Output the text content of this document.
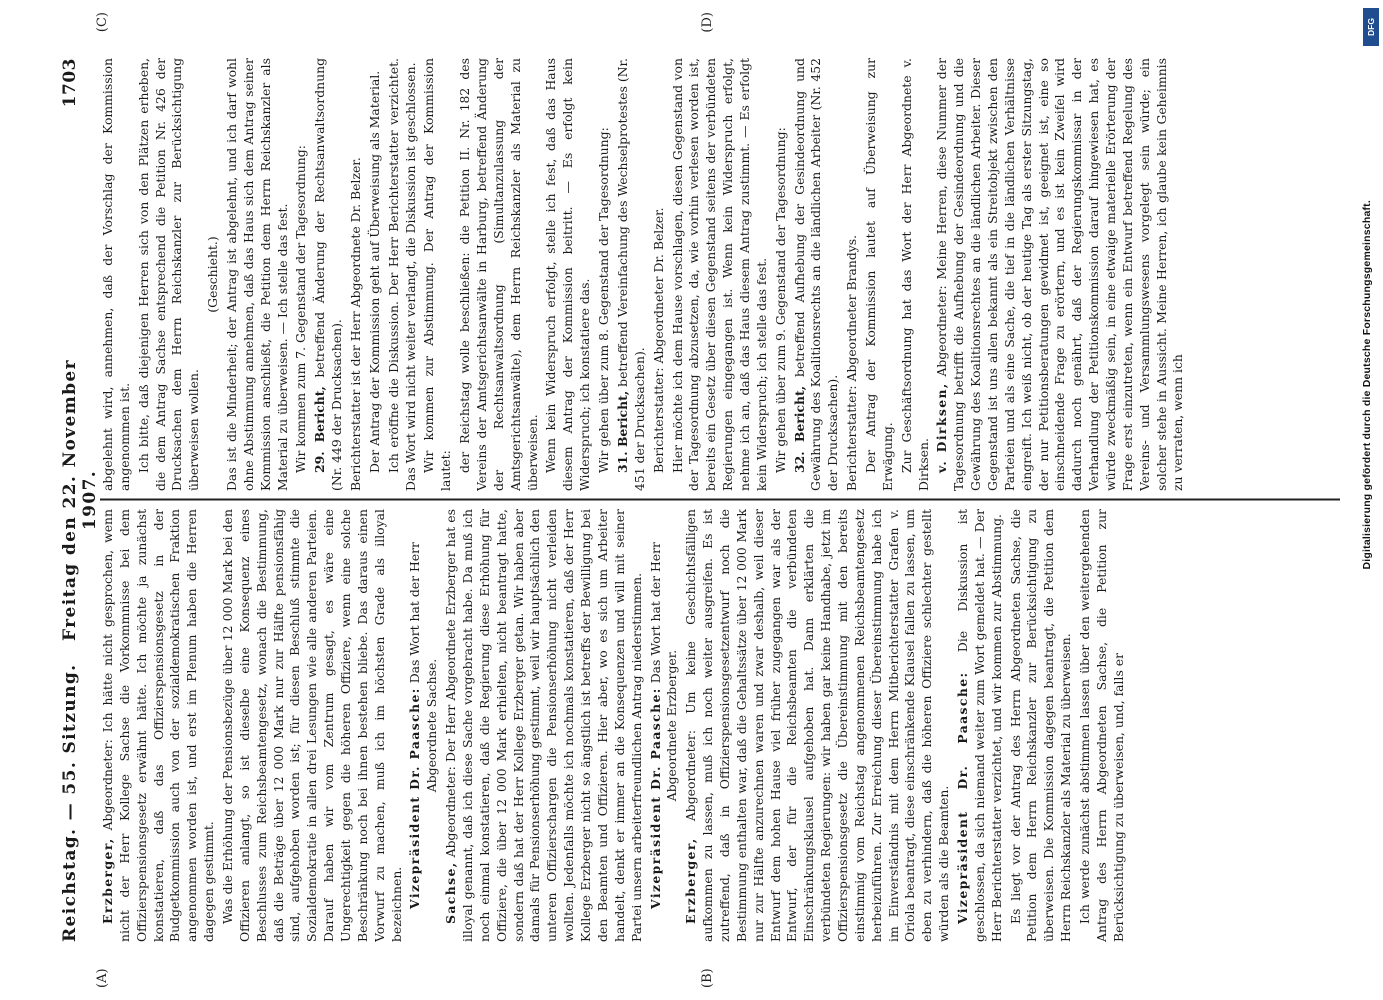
Reichstag. — 55. Sitzung.
Freitag den 22. November 1907.
1703

Erzberger, Abgeordneter: Ich hätte nicht gesprochen, wenn nicht der Herr Kollege Sachse die Vorkommnisse bei dem Offizierspensionsgesetz erwähnt hätte. Ich möchte ja zunächst konstatieren, daß das Offizierspensionsgesetz in der Budgetkommission auch von der sozialdemokratischen Fraktion angenommen worden ist, und erst im Plenum haben die Herren dagegen gestimmt. Was die Erhöhung der Pensionsbezüge über 12 000 Mark bei den Offizieren anlangt, so ist dieselbe eine Konsequenz eines Beschlusses zum Reichsbeamtengesetz, wonach die Bestimmung, daß die Beträge über 12 000 Mark nur zur Hälfte pensionsfähig sind, aufgehoben worden ist; für diesen Beschluß stimmte die Sozialdemokratie in allen drei Lesungen wie alle anderen Parteien. Darauf haben wir vom Zentrum gesagt, es wäre eine Ungerechtigkeit gegen die höheren Offiziere, wenn eine solche Beschränkung noch bei ihnen bestehen bliebe. Das daraus einen Vorwurf zu machen, muß ich im höchsten Grade als illoyal bezeichnen. Vizepräsident Dr. Paasche: Das Wort hat der Herr Abgeordnete Sachse.

Sachse, Abgeordneter: Der Herr Abgeordnete Erzberger hat es illoyal genannt, daß ich diese Sache vorgebracht habe. Da muß ich noch einmal konstatieren, daß die Regierung diese Erhöhung für Offiziere, die über 12 000 Mark erhielten, nicht beantragt hatte, sondern daß hat der Herr Kollege Erzberger getan. Wir haben aber damals für Pensionserhöhung gestimmt, weil wir hauptsächlich den unteren Offizierschargen die Pensionserhöhung nicht verleiden wollten. Jedenfalls möchte ich nochmals konstatieren, daß der Herr Kollege Erzberger nicht so ängstlich ist betreffs der Bewilligung bei den Beamten und Offizieren. Hier aber, wo es sich um Arbeiter handelt, denkt er immer an die Konsequenzen und will mit seiner Partei unsern arbeiterfreundlichen Antrag niederstimmen. Vizepräsident Dr. Paasche: Das Wort hat der Herr Abgeordnete Erzberger.

Erzberger, Abgeordneter: Um keine Geschichtsfälligen aufkommen zu lassen, muß ich noch weiter ausgreifen. Es ist zutreffend, daß in Offizierspensionsgesetzentwurf noch die Bestimmung enthalten war, daß die Gehaltssätze über 12 000 Mark nur zur Hälfte anzurechnen waren und zwar deshalb, weil dieser Entwurf dem hohen Hause viel früher zugegangen war als der Entwurf, der für die Reichsbeamten die verbündeten Einschränkungsklausel aufgehoben hat. Dann erklärten die verbündeten Regierungen: wir haben gar keine Handhabe, jetzt im Offizierspensionsgesetz die Übereinstimmung mit den bereits einstimmig vom Reichstag angenommenen Reichsbeamtengesetz herbeizuführen. Zur Erreichung dieser Übereinstimmung habe ich im Einverständnis mit dem Herrn Mitberichterstatter Grafen v. Oriola beantragt, diese einschränkende Klausel fallen zu lassen, um eben zu verhindern, daß die höheren Offiziere schlechter gestellt würden als die Beamten. Vizepräsident Dr. Paasche: Die Diskussion ist geschlossen, da sich niemand weiter zum Wort gemeldet hat. — Der Herr Berichterstatter verzichtet, und wir kommen zur Abstimmung. Es liegt vor der Antrag des Herrn Abgeordneten Sachse, die Petition dem Herrn Reichskanzler zur Berücksichtigung zu überweisen. Die Kommission dagegen beantragt, die Petition dem Herrn Reichskanzler als Material zu überweisen. Ich werde zunächst abstimmen lassen über den weitergehenden Antrag des Herrn Abgeordneten Sachse, die Petition zur Berücksichtigung zu überweisen, und, falls er

abgelehnt wird, annehmen, daß der Vorschlag der Kommission angenommen ist. Ich bitte, daß diejenigen Herren sich von den Plätzen erheben, die dem Antrag Sachse entsprechend die Petition Nr. 426 der Drucksachen dem Herrn Reichskanzler zur Berücksichtigung überweisen wollen.

(Geschieht.) Das ist die Minderheit; der Antrag ist abgelehnt, und ich darf wohl ohne Abstimmung annehmen, daß das Haus sich dem Antrag seiner Kommission anschließt, die Petition dem Herrn Reichskanzler als Material zu überweisen. — Ich stelle das fest. Wir kommen zum 7. Gegenstand der Tagesordnung: 29. Bericht, betreffend Änderung der Rechtsanwaltsordnung (Nr. 449 der Drucksachen). Berichterstatter ist der Herr Abgeordnete Dr. Belzer. Der Antrag der Kommission geht auf Überweisung als Material. Ich eröffne die Diskussion. Der Herr Berichterstatter verzichtet. Das Wort wird nicht weiter verlangt, die Diskussion ist geschlossen. Wir kommen zur Abstimmung. Der Antrag der Kommission lautet: der Reichstag wolle beschließen: die Petition II. Nr. 182 des Vereins der Amtsgerichtsanwälte in Harburg, betreffend Änderung der Rechtsanwaltsordnung (Simultanzulassung der Amtsgerichtsanwälte), dem Herrn Reichskanzler als Material zu überweisen. Wenn kein Widerspruch erfolgt, stelle ich fest, daß das Haus diesem Antrag der Kommission beitritt. — Es erfolgt kein Widerspruch; ich konstatiere das. Wir gehen über zum 8. Gegenstand der Tagesordnung: 31. Bericht, betreffend Vereinfachung des Wechselprotestes (Nr. 451 der Drucksachen). Berichterstatter: Abgeordneter Dr. Belzer. Hier möchte ich dem Hause vorschlagen, diesen Gegenstand von der Tagesordnung abzusetzen, da, wie vorhin verlesen worden ist, bereits ein Gesetz über diesen Gegenstand seitens der verbündeten Regierungen eingegangen ist. Wenn kein Widerspruch erfolgt, nehme ich an, daß das Haus diesem Antrag zustimmt. — Es erfolgt kein Widerspruch; ich stelle das fest. Wir gehen über zum 9. Gegenstand der Tagesordnung: 32. Bericht, betreffend Aufhebung der Gesindeordnung und Gewährung des Koalitionsrechts an die ländlichen Arbeiter (Nr. 452 der Drucksachen). Berichterstatter: Abgeordneter Brandys. Der Antrag der Kommission lautet auf Überweisung zur Erwägung. Zur Geschäftsordnung hat das Wort der Herr Abgeordnete v. Dirksen. v. Dirksen, Abgeordneter: Meine Herren, diese Nummer der Tagesordnung betrifft die Aufhebung der Gesindeordnung und die Gewährung des Koalitionsrechtes an die ländlichen Arbeiter. Dieser Gegenstand ist uns allen bekannt als ein Streitobjekt zwischen den Parteien und als eine Sache, die tief in die ländlichen Verhältnisse eingreift. Ich weiß nicht, ob der heutige Tag als erster Sitzungstag, der nur Petitionsberatungen gewidmet ist, geeignet ist, eine so einschneidende Frage zu erörtern, und es ist kein Zweifel wird dadurch noch genährt, daß der Regierungskommissar in der Verhandlung der Petitionskommission darauf hingewiesen hat, es würde zweckmäßig sein, in eine etwaige materielle Erörterung der Frage erst einzutreten, wenn ein Entwurf betreffend Regelung des Vereins- und Versammlungswesens vorgelegt sein würde; ein solcher stehe in Aussicht. Meine Herren, ich glaube kein Geheimnis zu verraten, wenn ich

(A)	(B)
(C)	(D)	DFG
Digitalisierung gefördert durch die Deutsche Forschungsgemeinschaft.
